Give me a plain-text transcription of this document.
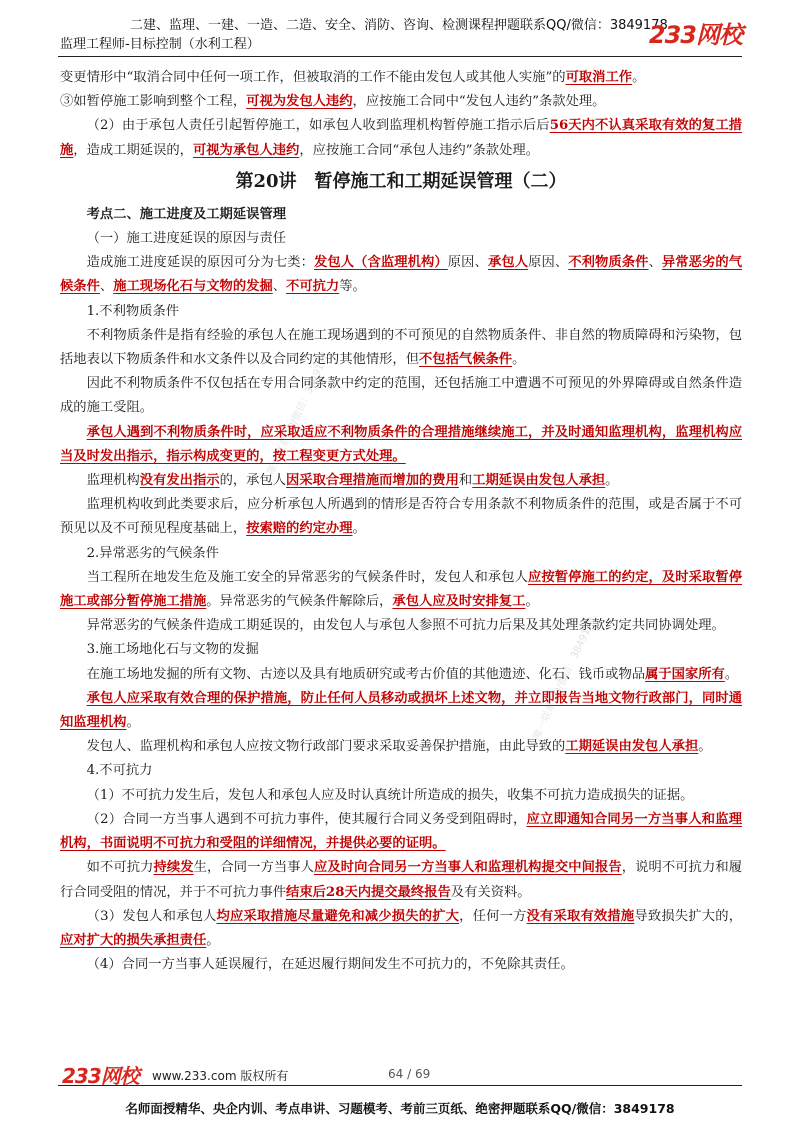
二建、监理、一建、一造、二造、安全、消防、咨询、检测课程押题联系QQ/微信：3849178
监理工程师-目标控制（水利工程）	233网校
唯一联系QQ/微信：3849178
唯一联系QQ/微信：3849178

变更情形中“取消合同中任何一项工作，但被取消的工作不能由发包人或其他人实施”的可取消工作。

③如暂停施工影响到整个工程，可视为发包人违约，应按施工合同中“发包人违约”条款处理。

（2）由于承包人责任引起暂停施工，如承包人收到监理机构暂停施工指示后后56天内不认真采取有效的复工措施，造成工期延误的，可视为承包人违约，应按施工合同“承包人违约”条款处理。

第20讲　暂停施工和工期延误管理（二）

考点二、施工进度及工期延误管理

（一）施工进度延误的原因与责任

造成施工进度延误的原因可分为七类：发包人（含监理机构）原因、承包人原因、不利物质条件、异常恶劣的气候条件、施工现场化石与文物的发掘、不可抗力等。

1.不利物质条件

不利物质条件是指有经验的承包人在施工现场遇到的不可预见的自然物质条件、非自然的物质障碍和污染物，包括地表以下物质条件和水文条件以及合同约定的其他情形，但不包括气候条件。

因此不利物质条件不仅包括在专用合同条款中约定的范围，还包括施工中遭遇不可预见的外界障碍或自然条件造成的施工受阻。

承包人遇到不利物质条件时，应采取适应不利物质条件的合理措施继续施工，并及时通知监理机构，监理机构应当及时发出指示，指示构成变更的，按工程变更方式处理。

监理机构没有发出指示的，承包人因采取合理措施而增加的费用和工期延误由发包人承担。

监理机构收到此类要求后，应分析承包人所遇到的情形是否符合专用条款不利物质条件的范围，或是否属于不可预见以及不可预见程度基础上，按索赔的约定办理。

2.异常恶劣的气候条件

当工程所在地发生危及施工安全的异常恶劣的气候条件时，发包人和承包人应按暂停施工的约定，及时采取暂停施工或部分暂停施工措施。异常恶劣的气候条件解除后，承包人应及时安排复工。

异常恶劣的气候条件造成工期延误的，由发包人与承包人参照不可抗力后果及其处理条款约定共同协调处理。

3.施工场地化石与文物的发掘

在施工场地发掘的所有文物、古迹以及具有地质研究或考古价值的其他遗迹、化石、钱币或物品属于国家所有。

承包人应采取有效合理的保护措施，防止任何人员移动或损坏上述文物，并立即报告当地文物行政部门，同时通知监理机构。

发包人、监理机构和承包人应按文物行政部门要求采取妥善保护措施，由此导致的工期延误由发包人承担。

4.不可抗力

（1）不可抗力发生后，发包人和承包人应及时认真统计所造成的损失，收集不可抗力造成损失的证据。

（2）合同一方当事人遇到不可抗力事件，使其履行合同义务受到阻碍时，应立即通知合同另一方当事人和监理机构，书面说明不可抗力和受阻的详细情况，并提供必要的证明。

如不可抗力持续发生，合同一方当事人应及时向合同另一方当事人和监理机构提交中间报告，说明不可抗力和履行合同受阻的情况，并于不可抗力事件结束后28天内提交最终报告及有关资料。

（3）发包人和承包人均应采取措施尽量避免和减少损失的扩大，任何一方没有采取有效措施导致损失扩大的，应对扩大的损失承担责任。

（4）合同一方当事人延误履行，在延迟履行期间发生不可抗力的，不免除其责任。

233网校 www.233.com 版权所有	64 / 69
名师面授精华、央企内训、考点串讲、习题模考、考前三页纸、绝密押题联系QQ/微信：3849178
